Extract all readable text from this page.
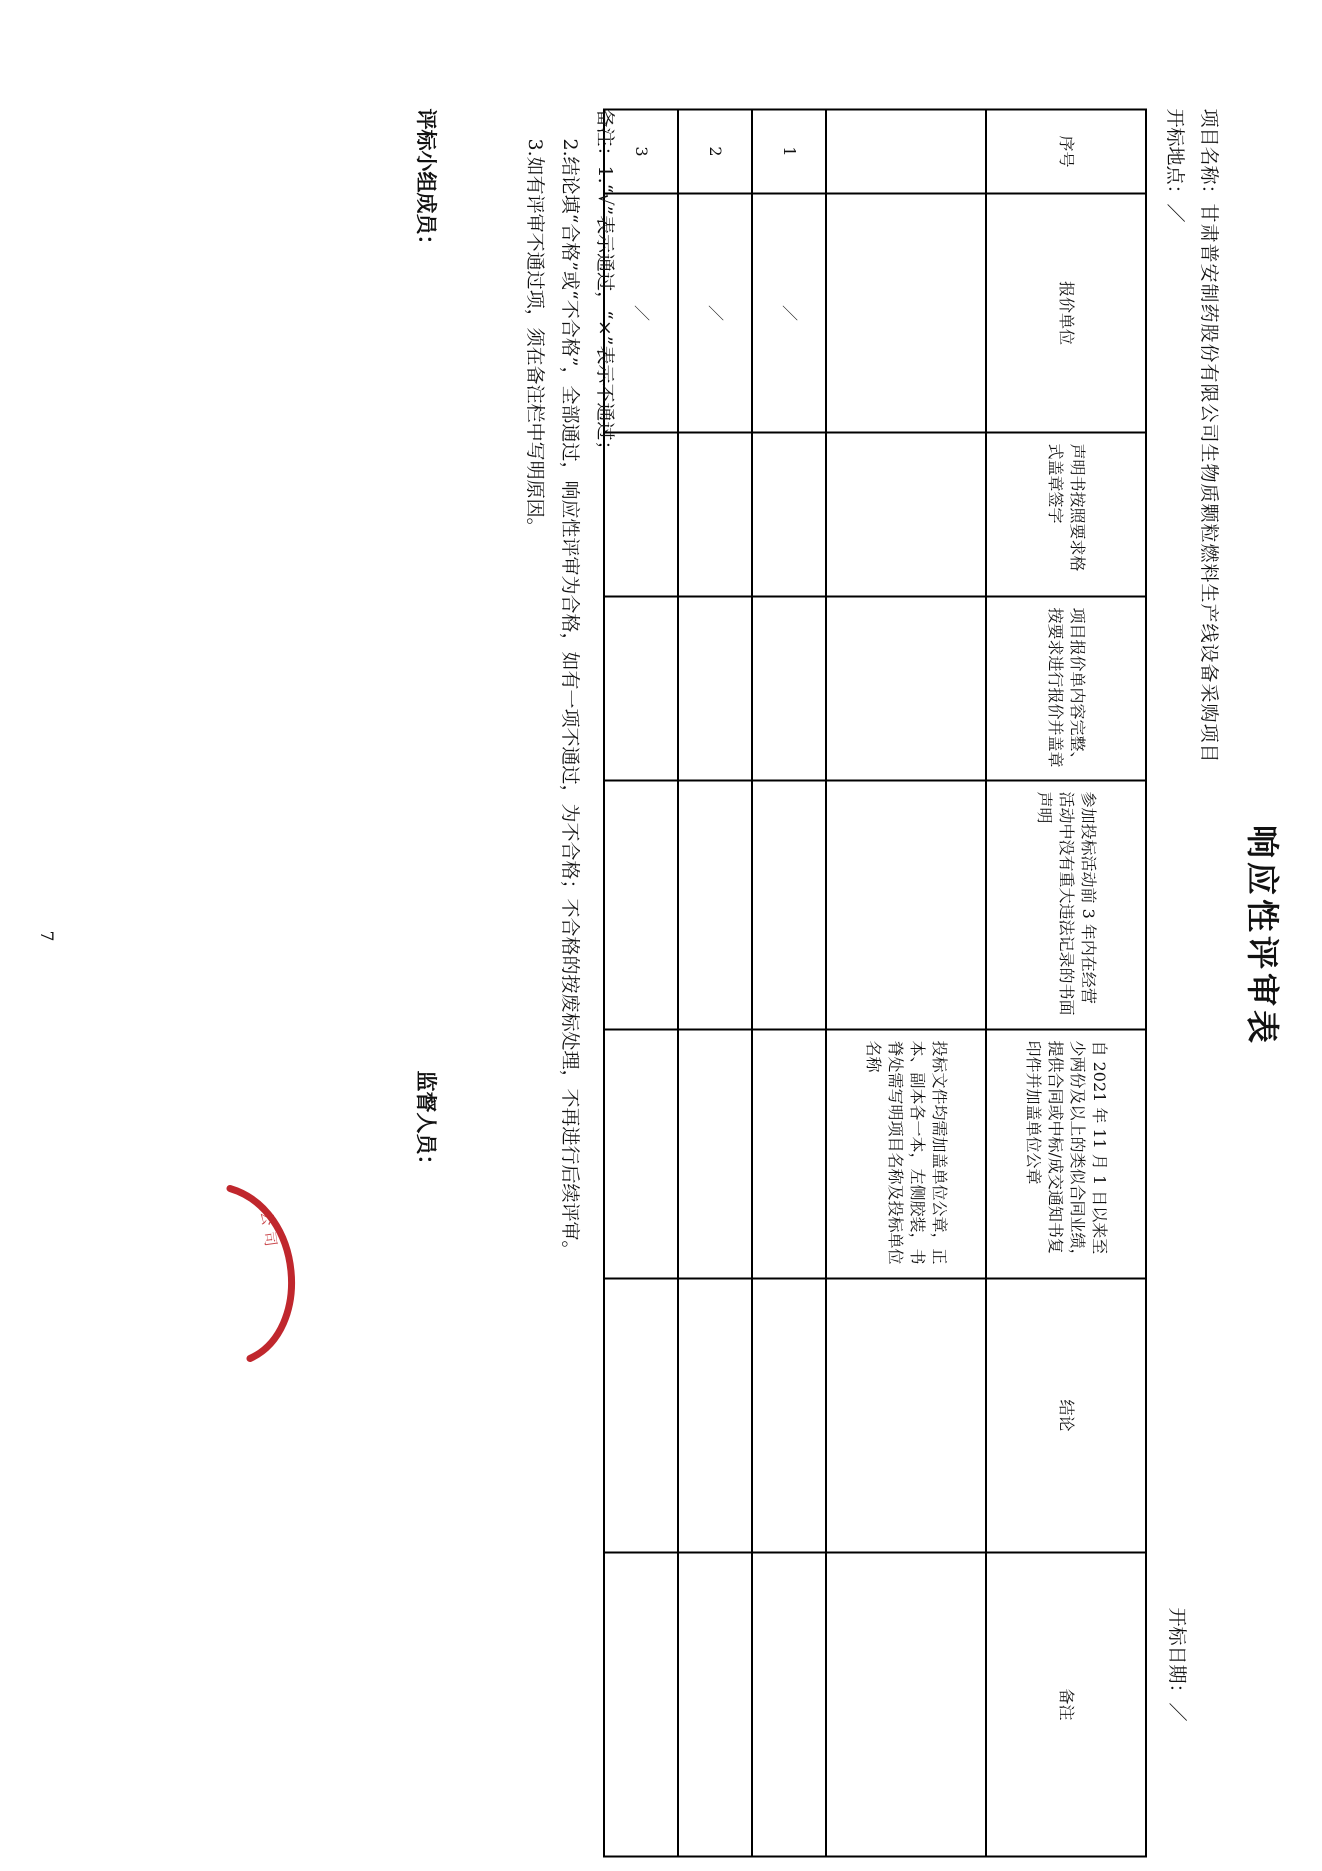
响应性评审表
项目名称：甘肃普安制药股份有限公司生物质颗粒燃料生产线设备采购项目
开标地点：／
开标日期：／
序号	报价单位	声明书按照要求格式盖章签字	项目报价单内容完整、按要求进行报价并盖章	参加投标活动前 3 年内在经营活动中没有重大违法记录的书面声明	自 2021 年 11 月 1 日以来至少两份及以上的类似合同业绩，提供合同或中标/成交通知书复印件并加盖单位公章	结论	备注

					投标文件均需加盖单位公章，正本、副本各一本，左侧胶装，书脊处需写明项目名称及投标单位名称		

1	／						
2	／						
3	／						
备注：1.“√”表示通过，“×”表示不通过；
2.结论填“合格”或“不合格”，全部通过，响应性评审为合格，如有一项不通过，为不合格；不合格的按废标处理，不再进行后续评审。
3.如有评审不通过项，须在备注栏中写明原因。
评标小组成员：
监督人员：
公司
7
